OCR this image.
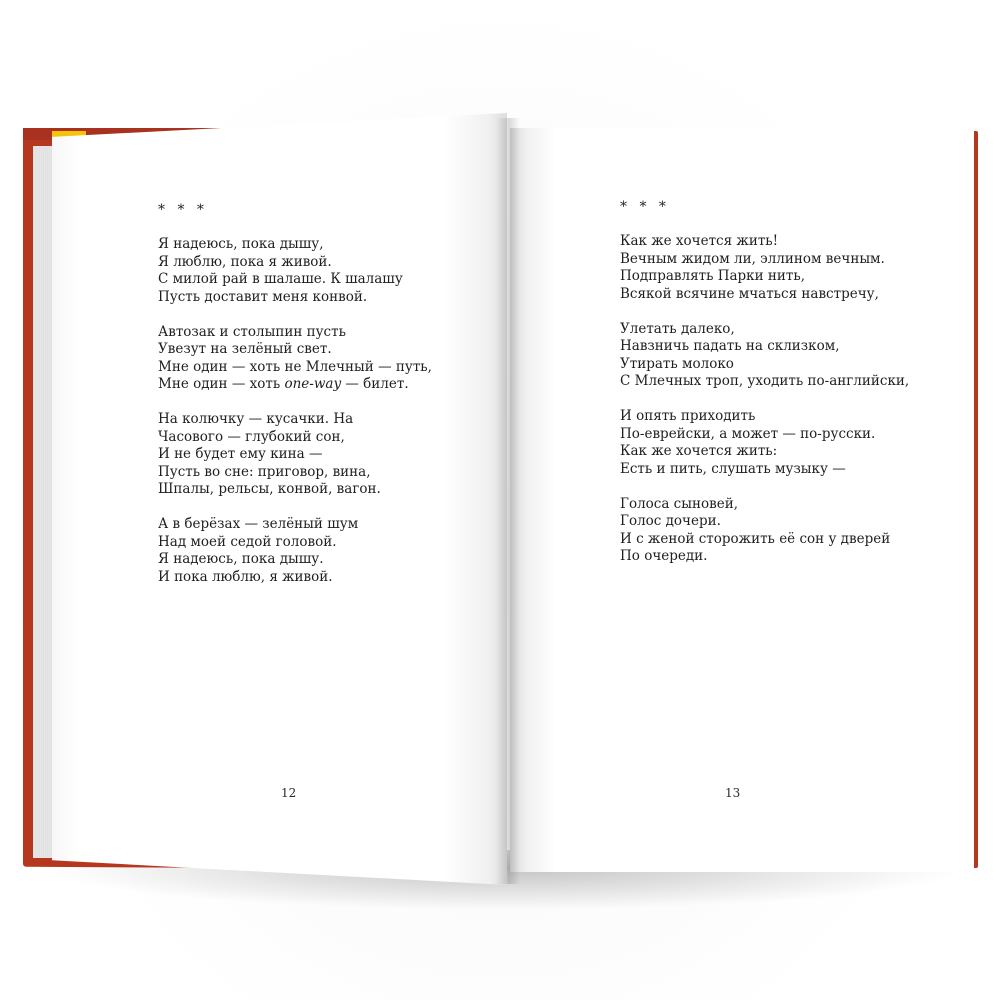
* * *
Я надеюсь, пока дышу,
Я люблю, пока я живой.
С милой рай в шалаше. К шалашу
Пусть доставит меня конвой.
Автозак и столыпин пусть
Увезут на зелёный свет.
Мне один — хоть не Млечный — путь,
Мне один — хоть one-way — билет.
На колючку — кусачки. На
Часового — глубокий сон,
И не будет ему кина —
Пусть во сне: приговор, вина,
Шпалы, рельсы, конвой, вагон.
А в берёзах — зелёный шум
Над моей седой головой.
Я надеюсь, пока дышу.
И пока люблю, я живой.
12
* * *
Как же хочется жить!
Вечным жидом ли, эллином вечным.
Подправлять Парки нить,
Всякой всячине мчаться навстречу,
Улетать далеко,
Навзничь падать на склизком,
Утирать молоко
С Млечных троп, уходить по-английски,
И опять приходить
По-еврейски, а может — по-русски.
Как же хочется жить:
Есть и пить, слушать музыку —
Голоса сыновей,
Голос дочери.
И с женой сторожить её сон у дверей
По очереди.
13
